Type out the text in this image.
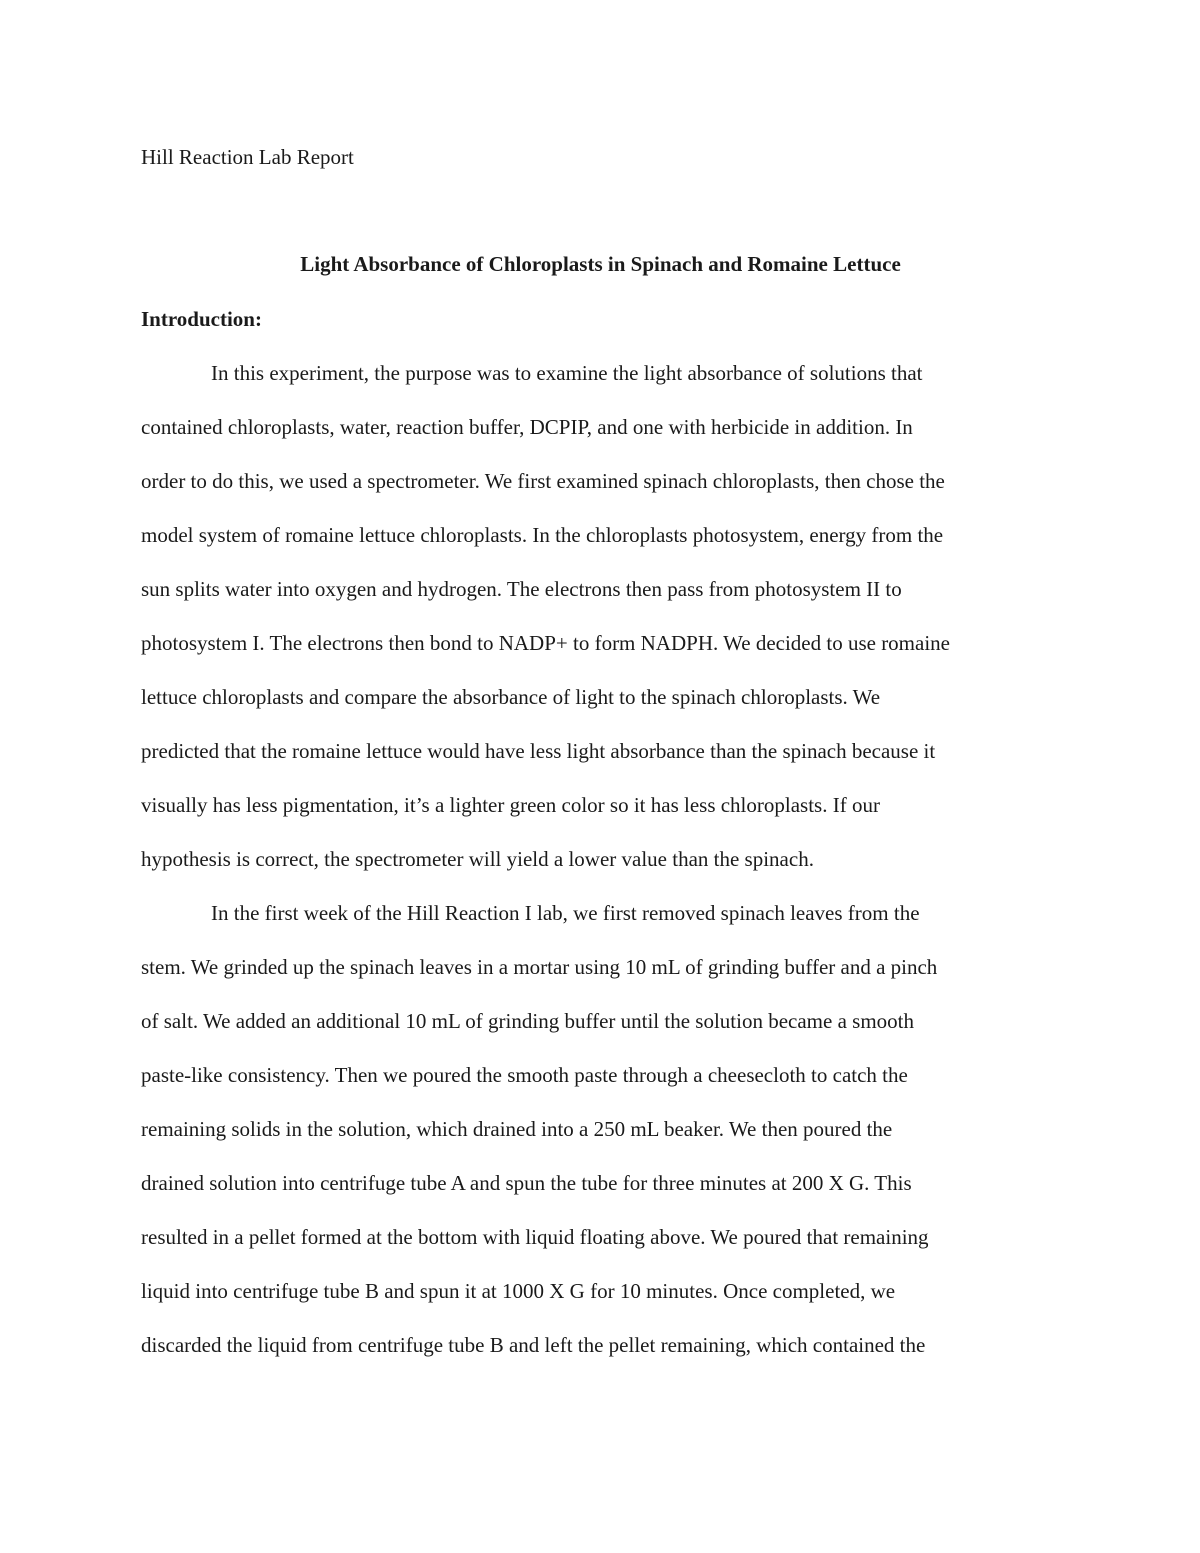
Hill Reaction Lab Report
Light Absorbance of Chloroplasts in Spinach and Romaine Lettuce
Introduction:
In this experiment, the purpose was to examine the light absorbance of solutions that
contained chloroplasts, water, reaction buffer, DCPIP, and one with herbicide in addition. In
order to do this, we used a spectrometer. We first examined spinach chloroplasts, then chose the
model system of romaine lettuce chloroplasts. In the chloroplasts photosystem, energy from the
sun splits water into oxygen and hydrogen. The electrons then pass from photosystem II to
photosystem I. The electrons then bond to NADP+ to form NADPH. We decided to use romaine
lettuce chloroplasts and compare the absorbance of light to the spinach chloroplasts. We
predicted that the romaine lettuce would have less light absorbance than the spinach because it
visually has less pigmentation, it’s a lighter green color so it has less chloroplasts. If our
hypothesis is correct, the spectrometer will yield a lower value than the spinach.
In the first week of the Hill Reaction I lab, we first removed spinach leaves from the
stem. We grinded up the spinach leaves in a mortar using 10 mL of grinding buffer and a pinch
of salt. We added an additional 10 mL of grinding buffer until the solution became a smooth
paste-like consistency. Then we poured the smooth paste through a cheesecloth to catch the
remaining solids in the solution, which drained into a 250 mL beaker. We then poured the
drained solution into centrifuge tube A and spun the tube for three minutes at 200 X G. This
resulted in a pellet formed at the bottom with liquid floating above. We poured that remaining
liquid into centrifuge tube B and spun it at 1000 X G for 10 minutes. Once completed, we
discarded the liquid from centrifuge tube B and left the pellet remaining, which contained the
